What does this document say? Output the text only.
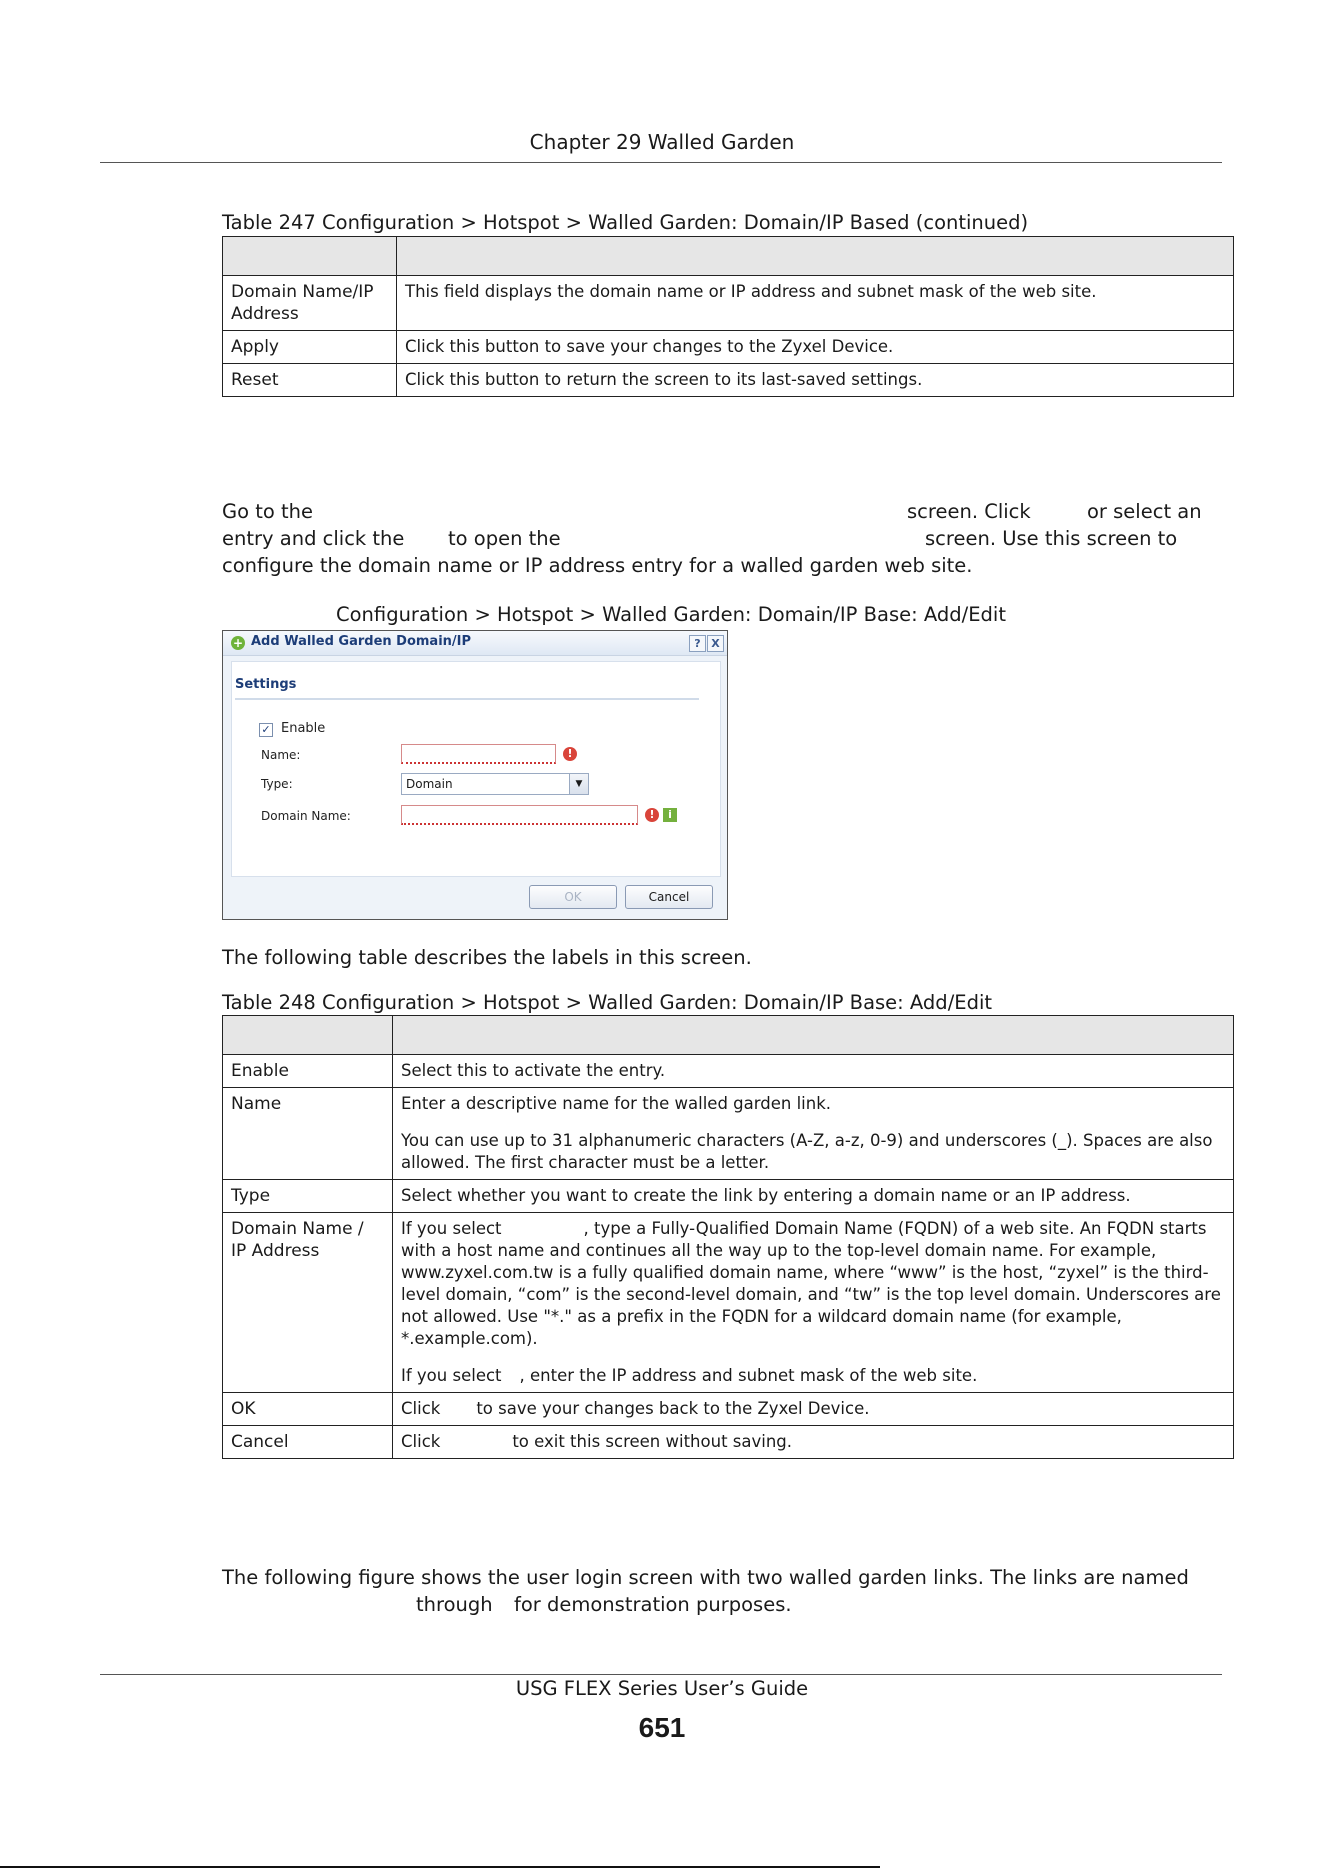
Chapter 29 Walled Garden
Table 247 Configuration > Hotspot > Walled Garden: Domain/IP Based (continued)

Domain Name/IP Address	This field displays the domain name or IP address and subnet mask of the web site.
Apply	Click this button to save your changes to the Zyxel Device.
Reset	Click this button to return the screen to its last-saved settings.
Go to the	screen. Click	or select an
entry and click the to open the	screen. Use this screen to
configure the domain name or IP address entry for a walled garden web site.
Configuration > Hotspot > Walled Garden: Domain/IP Base: Add/Edit
+ Add Walled Garden Domain/IP	? X
Settings
✓ Enable
Name:	!
Type:	Domain	▼
Domain Name:	!	i
OK	Cancel
The following table describes the labels in this screen.
Table 248 Configuration > Hotspot > Walled Garden: Domain/IP Base: Add/Edit

Enable	Select this to activate the entry.
Name	Enter a descriptive name for the walled garden link.

You can use up to 31 alphanumeric characters (A-Z, a-z, 0-9) and underscores (_). Spaces are also allowed. The first character must be a letter.

Type	Select whether you want to create the link by entering a domain name or an IP address.
Domain Name / IP Address	If you select , type a Fully-Qualified Domain Name (FQDN) of a web site. An FQDN starts with a host name and continues all the way up to the top-level domain name. For example, www.zyxel.com.tw is a fully qualified domain name, where “www” is the host, “zyxel” is the third-level domain, “com” is the second-level domain, and “tw” is the top level domain. Underscores are not allowed. Use "*." as a prefix in the FQDN for a wildcard domain name (for example, *.example.com).

If you select , enter the IP address and subnet mask of the web site.

OK	Click to save your changes back to the Zyxel Device.
Cancel	Click to exit this screen without saving.
The following figure shows the user login screen with two walled garden links. The links are named
through for demonstration purposes.
USG FLEX Series User’s Guide
651
